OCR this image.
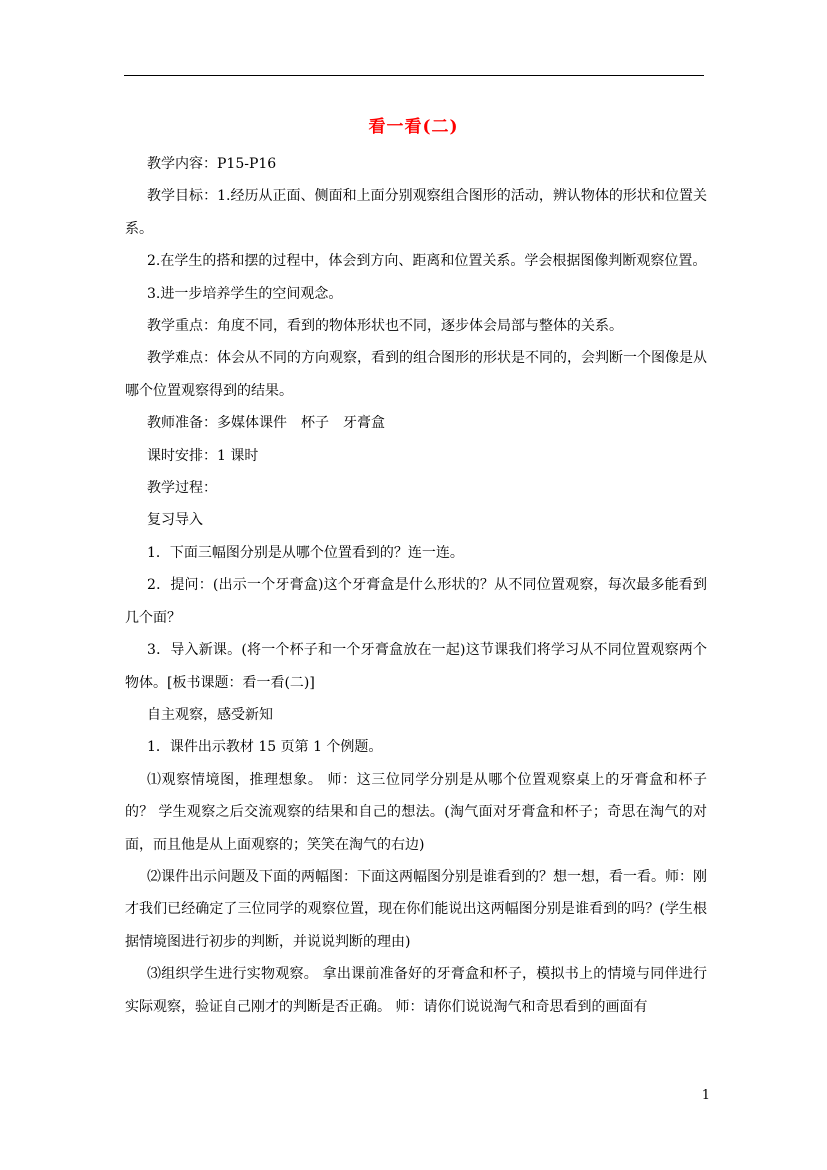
看一看(二)

教学内容：P15-P16

教学目标：1.经历从正面、侧面和上面分别观察组合图形的活动，辨认物体的形状和位置关系。

2.在学生的搭和摆的过程中，体会到方向、距离和位置关系。学会根据图像判断观察位置。

3.进一步培养学生的空间观念。

教学重点：角度不同，看到的物体形状也不同，逐步体会局部与整体的关系。

教学难点：体会从不同的方向观察，看到的组合图形的形状是不同的，会判断一个图像是从哪个位置观察得到的结果。

教师准备：多媒体课件　杯子　牙膏盒

课时安排：1 课时

教学过程：

复习导入

1．下面三幅图分别是从哪个位置看到的？连一连。

2．提问：(出示一个牙膏盒)这个牙膏盒是什么形状的？从不同位置观察，每次最多能看到几个面？

3．导入新课。(将一个杯子和一个牙膏盒放在一起)这节课我们将学习从不同位置观察两个物体。[板书课题：看一看(二)]

自主观察，感受新知

1．课件出示教材 15 页第 1 个例题。

⑴观察情境图，推理想象。 师：这三位同学分别是从哪个位置观察桌上的牙膏盒和杯子的？ 学生观察之后交流观察的结果和自己的想法。(淘气面对牙膏盒和杯子；奇思在淘气的对面，而且他是从上面观察的；笑笑在淘气的右边)

⑵课件出示问题及下面的两幅图：下面这两幅图分别是谁看到的？想一想，看一看。师：刚才我们已经确定了三位同学的观察位置，现在你们能说出这两幅图分别是谁看到的吗？(学生根据情境图进行初步的判断，并说说判断的理由)

⑶组织学生进行实物观察。 拿出课前准备好的牙膏盒和杯子，模拟书上的情境与同伴进行实际观察，验证自己刚才的判断是否正确。 师：请你们说说淘气和奇思看到的画面有

1
